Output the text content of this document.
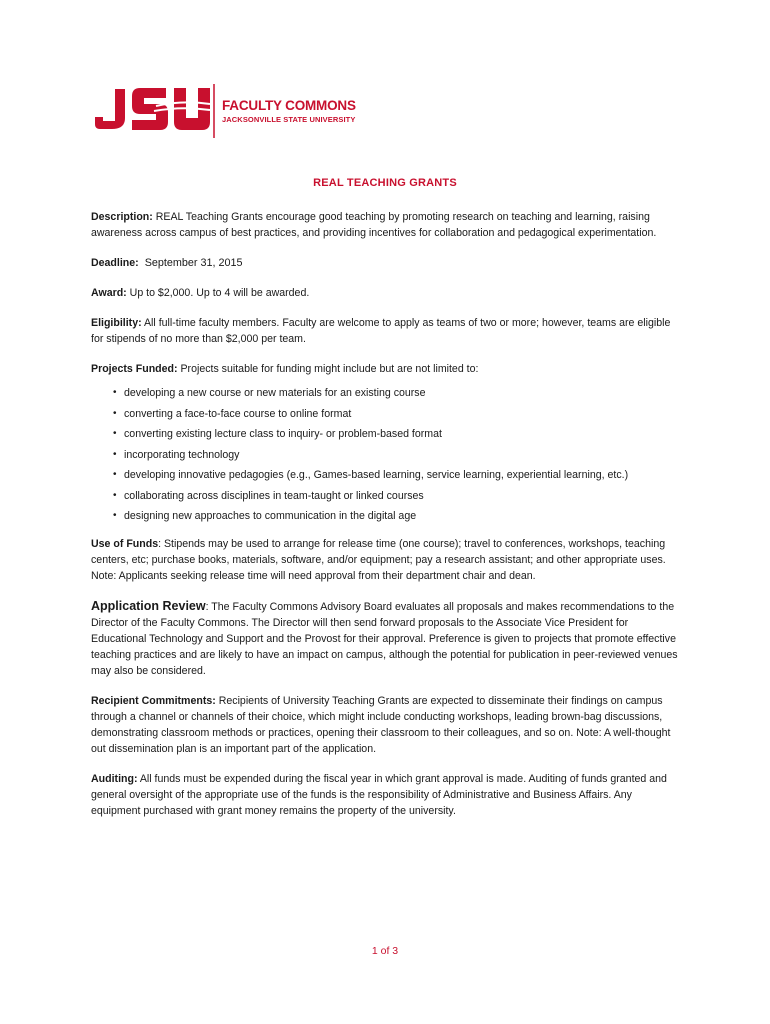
FACULTY COMMONS
JACKSONVILLE STATE UNIVERSITY
REAL TEACHING GRANTS

Description: REAL Teaching Grants encourage good teaching by promoting research on teaching and learning, raising awareness across campus of best practices, and providing incentives for collaboration and pedagogical experimentation.

Deadline: September 31, 2015

Award: Up to $2,000. Up to 4 will be awarded.

Eligibility: All full-time faculty members. Faculty are welcome to apply as teams of two or more; however, teams are eligible for stipends of no more than $2,000 per team.

Projects Funded: Projects suitable for funding might include but are not limited to:

• developing a new course or new materials for an existing course
• converting a face-to-face course to online format
• converting existing lecture class to inquiry- or problem-based format
• incorporating technology
• developing innovative pedagogies (e.g., Games-based learning, service learning, experiential learning, etc.)
• collaborating across disciplines in team-taught or linked courses
• designing new approaches to communication in the digital age

Use of Funds: Stipends may be used to arrange for release time (one course); travel to conferences, workshops, teaching centers, etc; purchase books, materials, software, and/or equipment; pay a research assistant; and other appropriate uses. Note: Applicants seeking release time will need approval from their department chair and dean.

Application Review: The Faculty Commons Advisory Board evaluates all proposals and makes recommendations to the Director of the Faculty Commons. The Director will then send forward proposals to the Associate Vice President for Educational Technology and Support and the Provost for their approval. Preference is given to projects that promote effective teaching practices and are likely to have an impact on campus, although the potential for publication in peer-reviewed venues may also be considered.

Recipient Commitments: Recipients of University Teaching Grants are expected to disseminate their findings on campus through a channel or channels of their choice, which might include conducting workshops, leading brown-bag discussions, demonstrating classroom methods or practices, opening their classroom to their colleagues, and so on. Note: A well-thought out dissemination plan is an important part of the application.

Auditing: All funds must be expended during the fiscal year in which grant approval is made. Auditing of funds granted and general oversight of the appropriate use of the funds is the responsibility of Administrative and Business Affairs. Any equipment purchased with grant money remains the property of the university.

1 of 3
